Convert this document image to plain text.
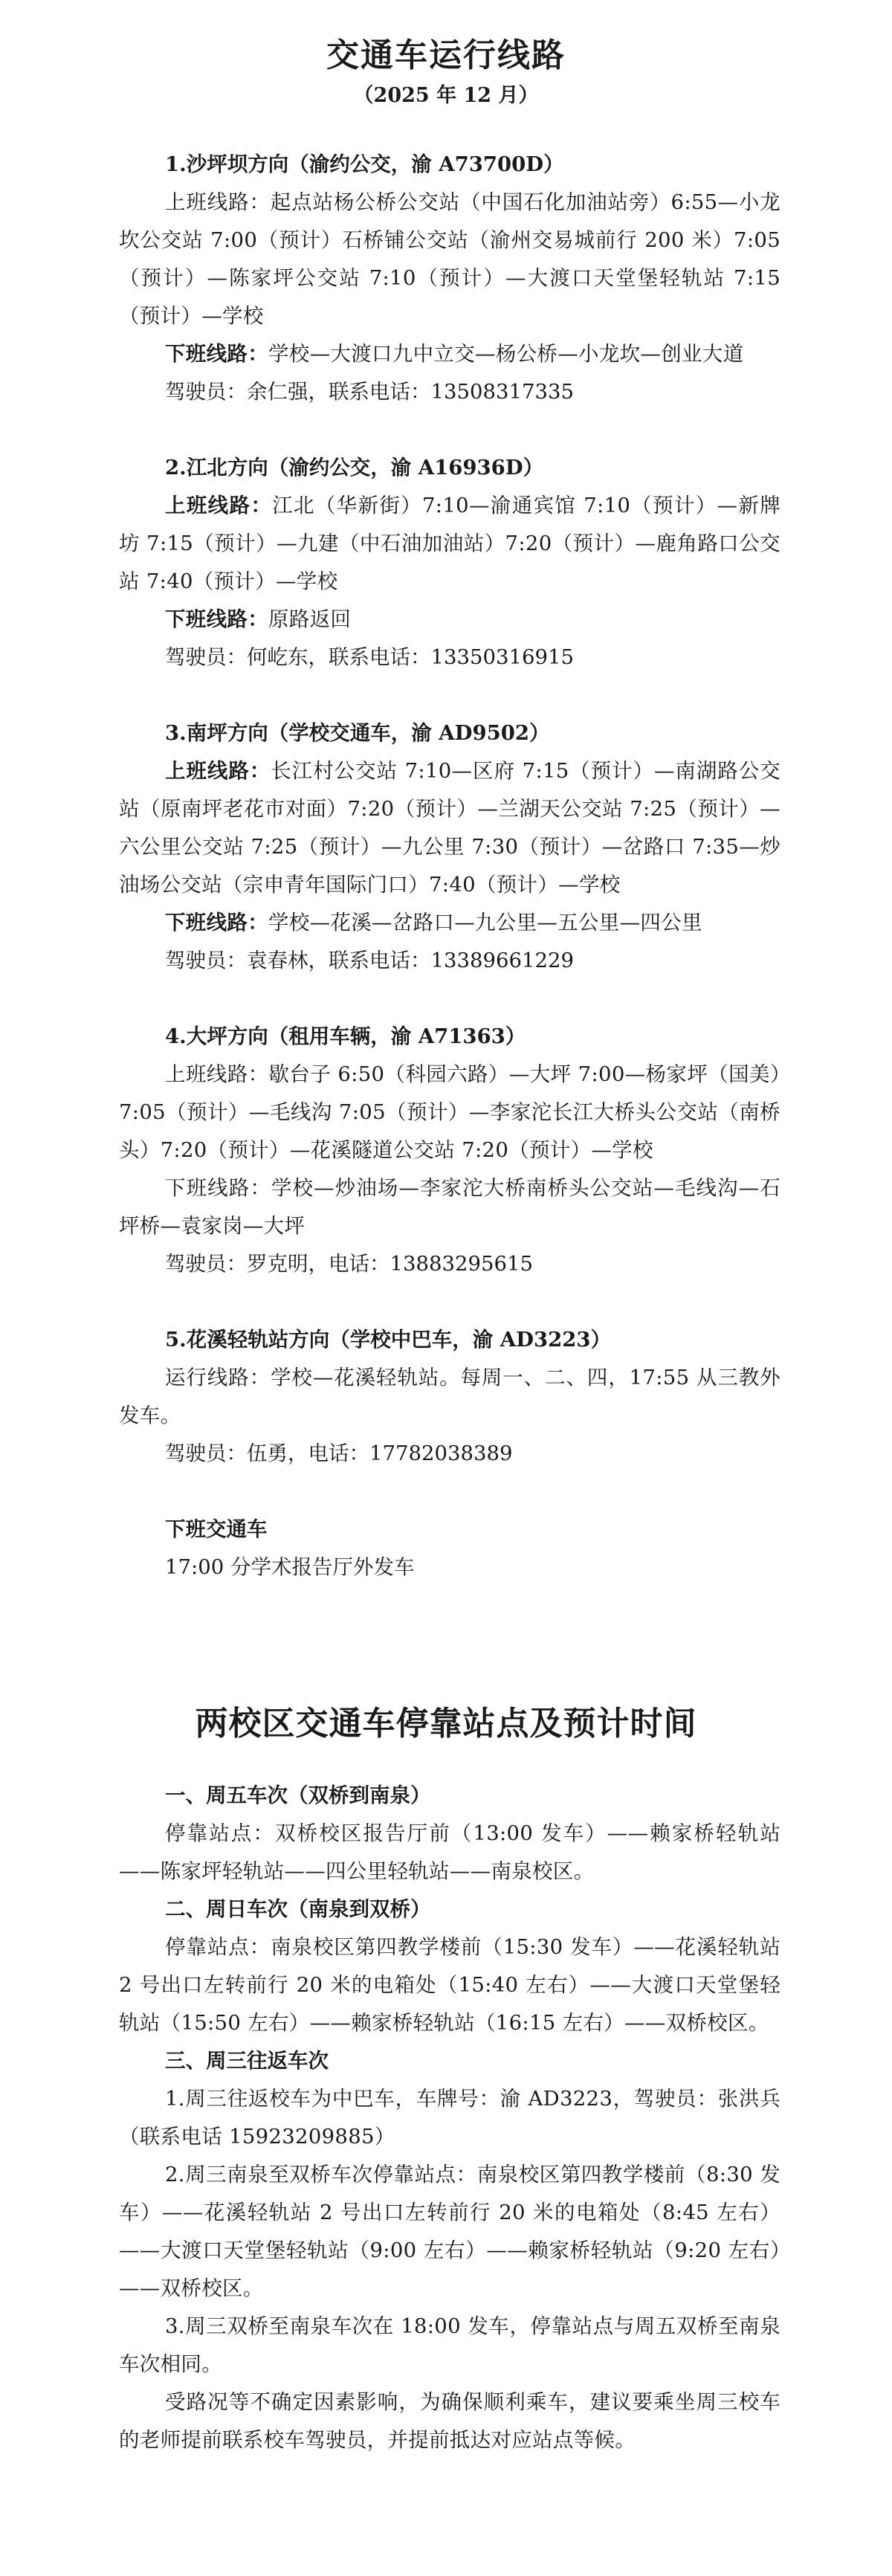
交通车运行线路
（2025 年 12 月）
1.沙坪坝方向（渝约公交，渝 A73700D）
上班线路：起点站杨公桥公交站（中国石化加油站旁）6:55—小龙坎公交站 7:00（预计）石桥铺公交站（渝州交易城前行 200 米）7:05（预计）—陈家坪公交站 7:10（预计）—大渡口天堂堡轻轨站 7:15（预计）—学校
下班线路：学校—大渡口九中立交—杨公桥—小龙坎—创业大道
驾驶员：余仁强，联系电话：13508317335
2.江北方向（渝约公交，渝 A16936D）
上班线路：江北（华新街）7:10—渝通宾馆 7:10（预计）—新牌坊 7:15（预计）—九建（中石油加油站）7:20（预计）—鹿角路口公交站 7:40（预计）—学校
下班线路：原路返回
驾驶员：何屹东，联系电话：13350316915
3.南坪方向（学校交通车，渝 AD9502）
上班线路：长江村公交站 7:10—区府 7:15（预计）—南湖路公交站（原南坪老花市对面）7:20（预计）—兰湖天公交站 7:25（预计）—六公里公交站 7:25（预计）—九公里 7:30（预计）—岔路口 7:35—炒油场公交站（宗申青年国际门口）7:40（预计）—学校
下班线路：学校—花溪—岔路口—九公里—五公里—四公里
驾驶员：袁春林，联系电话：13389661229
4.大坪方向（租用车辆，渝 A71363）
上班线路：歇台子 6:50（科园六路）—大坪 7:00—杨家坪（国美）7:05（预计）—毛线沟 7:05（预计）—李家沱长江大桥头公交站（南桥头）7:20（预计）—花溪隧道公交站 7:20（预计）—学校
下班线路：学校—炒油场—李家沱大桥南桥头公交站—毛线沟—石坪桥—袁家岗—大坪
驾驶员：罗克明，电话：13883295615
5.花溪轻轨站方向（学校中巴车，渝 AD3223）
运行线路：学校—花溪轻轨站。每周一、二、四，17:55 从三教外发车。
驾驶员：伍勇，电话：17782038389
下班交通车
17:00 分学术报告厅外发车
两校区交通车停靠站点及预计时间
一、周五车次（双桥到南泉）
停靠站点：双桥校区报告厅前（13:00 发车）——赖家桥轻轨站——陈家坪轻轨站——四公里轻轨站——南泉校区。
二、周日车次（南泉到双桥）
停靠站点：南泉校区第四教学楼前（15:30 发车）——花溪轻轨站 2 号出口左转前行 20 米的电箱处（15:40 左右）——大渡口天堂堡轻轨站（15:50 左右）——赖家桥轻轨站（16:15 左右）——双桥校区。
三、周三往返车次
1.周三往返校车为中巴车，车牌号：渝 AD3223，驾驶员：张洪兵（联系电话 15923209885）
2.周三南泉至双桥车次停靠站点：南泉校区第四教学楼前（8:30 发车）——花溪轻轨站 2 号出口左转前行 20 米的电箱处（8:45 左右）——大渡口天堂堡轻轨站（9:00 左右）——赖家桥轻轨站（9:20 左右）——双桥校区。
3.周三双桥至南泉车次在 18:00 发车，停靠站点与周五双桥至南泉车次相同。
受路况等不确定因素影响，为确保顺利乘车，建议要乘坐周三校车的老师提前联系校车驾驶员，并提前抵达对应站点等候。
